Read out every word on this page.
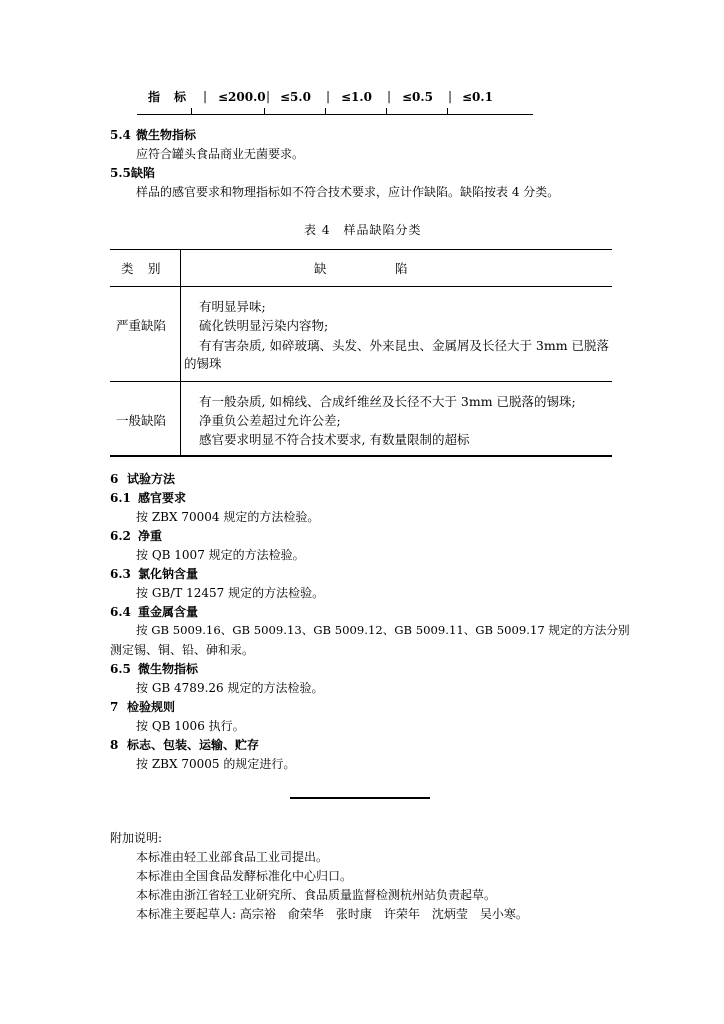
指　标 | ≤200.0 | ≤5.0 | ≤1.0 | ≤0.5 | ≤0.1
5.4 微生物指标
应符合罐头食品商业无菌要求。
5.5 缺陷
样品的感官要求和物理指标如不符合技术要求，应计作缺陷。缺陷按表 4 分类。
表 4　样品缺陷分类
类　别	缺　　　　　陷
严重缺陷
有明显异味;
硫化铁明显污染内容物;
有有害杂质, 如碎玻璃、头发、外来昆虫、金属屑及长径大于 3mm 已脱落
的锡珠
一般缺陷
有一般杂质, 如棉线、合成纤维丝及长径不大于 3mm 已脱落的锡珠;
净重负公差超过允许公差;
感官要求明显不符合技术要求, 有数量限制的超标
6 试验方法
6.1 感官要求
按 ZBX 70004 规定的方法检验。
6.2 净重
按 QB 1007 规定的方法检验。
6.3 氯化钠含量
按 GB/T 12457 规定的方法检验。
6.4 重金属含量
按 GB 5009.16、GB 5009.13、GB 5009.12、GB 5009.11、GB 5009.17 规定的方法分别
测定锡、铜、铅、砷和汞。
6.5 微生物指标
按 GB 4789.26 规定的方法检验。
7 检验规则
按 QB 1006 执行。
8 标志、包装、运输、贮存
按 ZBX 70005 的规定进行。
附加说明:
本标准由轻工业部食品工业司提出。
本标准由全国食品发酵标准化中心归口。
本标准由浙江省轻工业研究所、食品质量监督检测杭州站负责起草。
本标准主要起草人: 高宗裕　俞荣华　张时康　许荣年　沈炳莹　吴小寒。
